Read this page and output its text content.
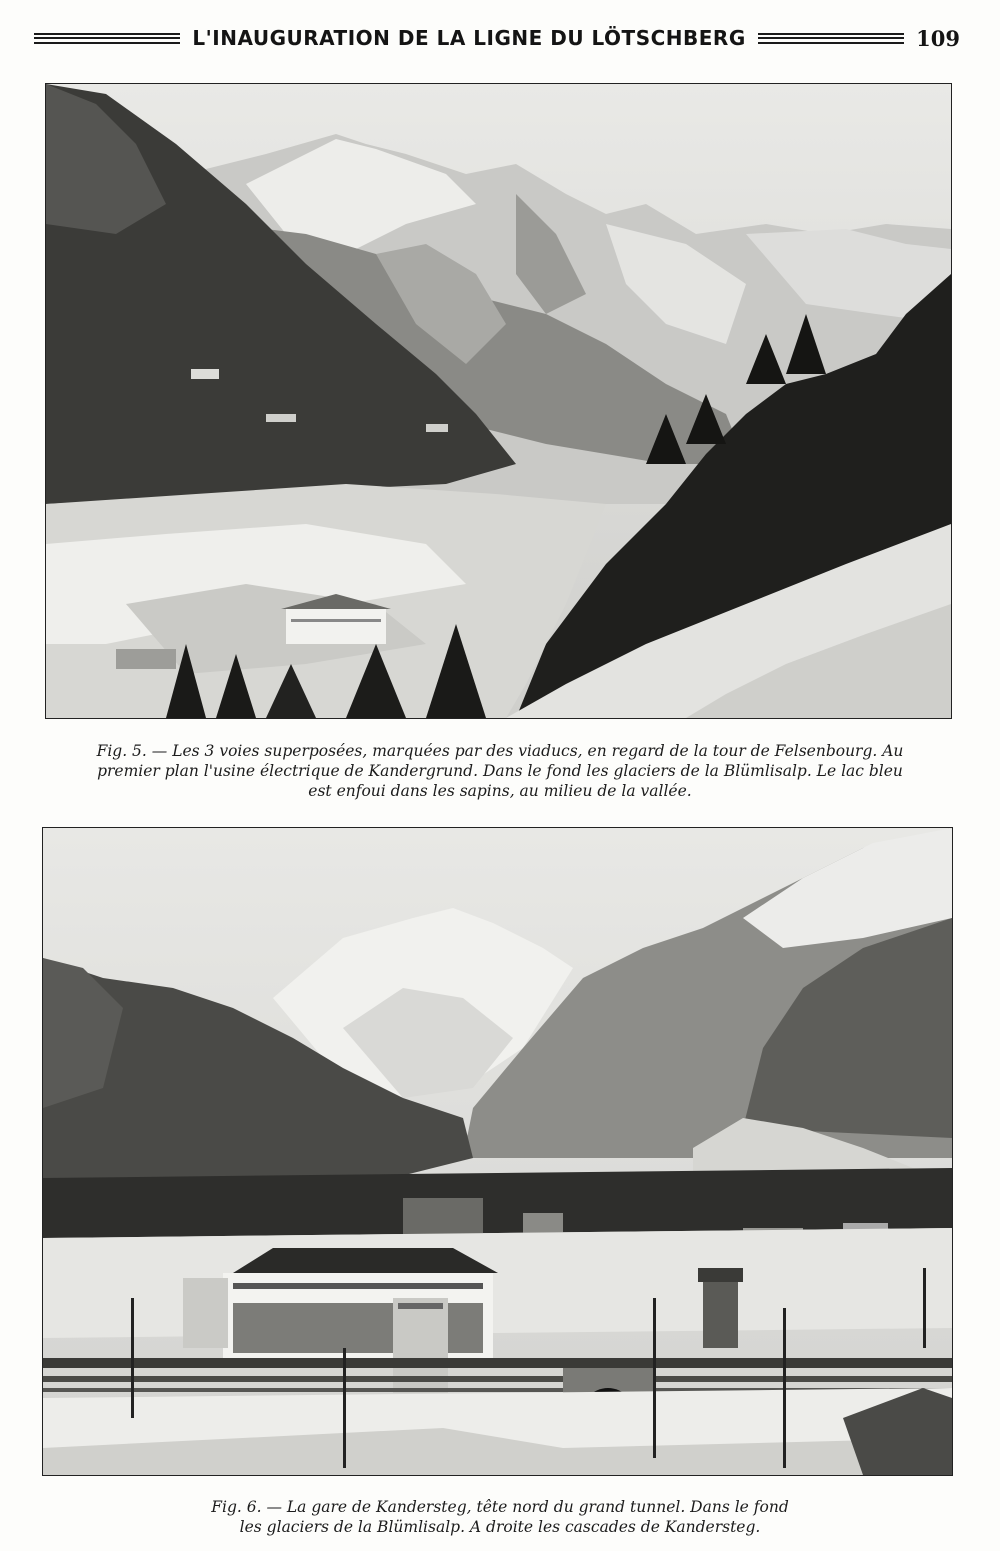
L'INAUGURATION DE LA LIGNE DU LÖTSCHBERG	109
Fig. 5. — Les 3 voies superposées, marquées par des viaducs, en regard de la tour de Felsenbourg. Au
premier plan l'usine électrique de Kandergrund. Dans le fond les glaciers de la Blümlisalp. Le lac bleu
est enfoui dans les sapins, au milieu de la vallée.
Fig. 6. — La gare de Kandersteg, tête nord du grand tunnel. Dans le fond
les glaciers de la Blümlisalp. A droite les cascades de Kandersteg.
